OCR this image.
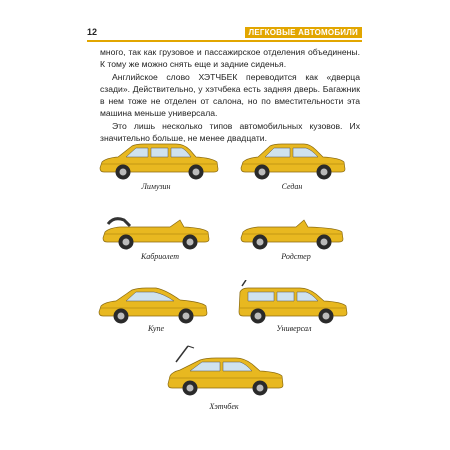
12	ЛЕГКОВЫЕ АВТОМОБИЛИ

много, так как грузовое и пассажирское отделения объединены. К тому же можно снять еще и задние сиденья.

Английское слово ХЭТЧБЕК переводится как «дверца сзади». Действительно, у хэтчбека есть задняя дверь. Багажник в нем тоже не отделен от салона, но по вместительности эта машина меньше универсала.

Это лишь несколько типов автомобильных кузовов. Их значительно больше, не менее двадцати.

Лимузин	Седан
Кабриолет	Родстер
Купе	Универсал
Хэтчбек
